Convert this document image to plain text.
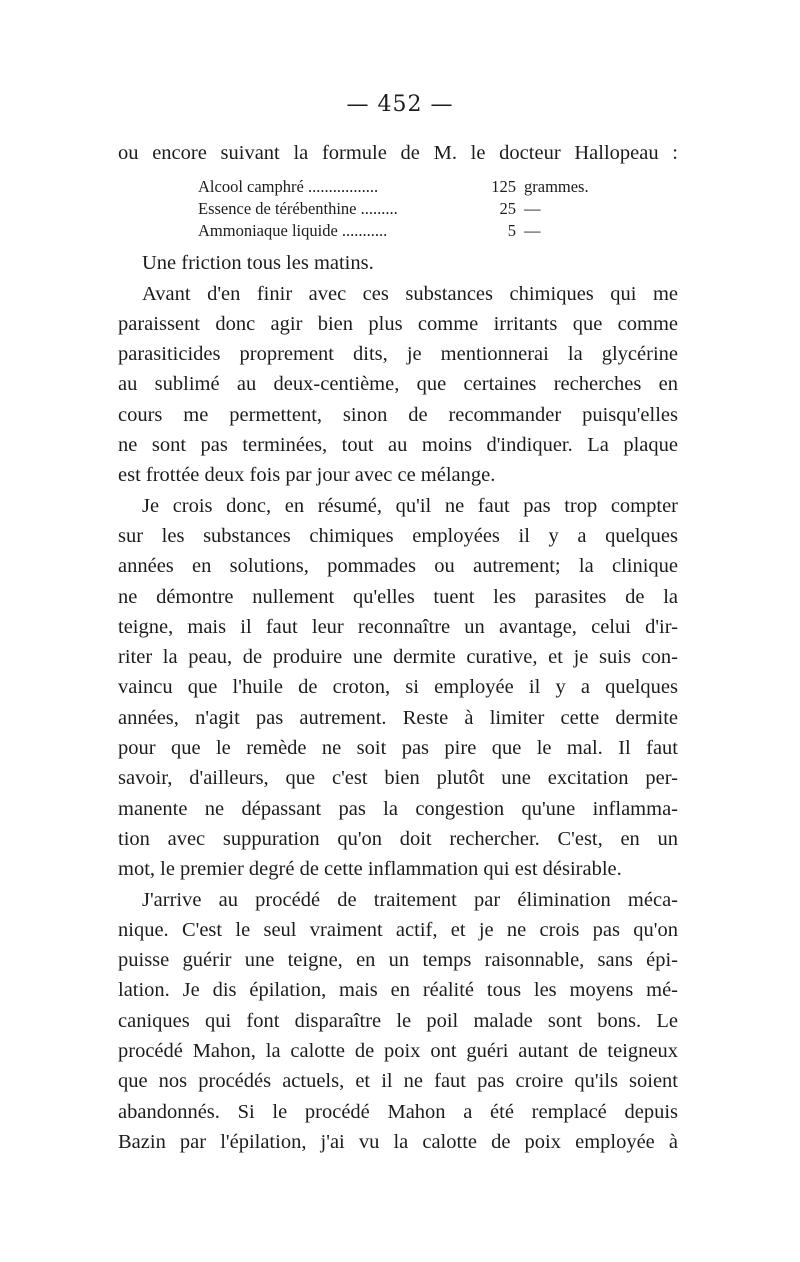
— 452 —
ou encore suivant la formule de M. le docteur Hallopeau :
Alcool camphré .................	125 grammes.
Essence de térébenthine .........	25 —
Ammoniaque liquide ...........	5 —
Une friction tous les matins.
Avant d'en finir avec ces substances chimiques qui me
paraissent donc agir bien plus comme irritants que comme
parasiticides proprement dits, je mentionnerai la glycérine
au sublimé au deux-centième, que certaines recherches en
cours me permettent, sinon de recommander puisqu'elles
ne sont pas terminées, tout au moins d'indiquer. La plaque
est frottée deux fois par jour avec ce mélange.
Je crois donc, en résumé, qu'il ne faut pas trop compter
sur les substances chimiques employées il y a quelques
années en solutions, pommades ou autrement; la clinique
ne démontre nullement qu'elles tuent les parasites de la
teigne, mais il faut leur reconnaître un avantage, celui d'ir-
riter la peau, de produire une dermite curative, et je suis con-
vaincu que l'huile de croton, si employée il y a quelques
années, n'agit pas autrement. Reste à limiter cette dermite
pour que le remède ne soit pas pire que le mal. Il faut
savoir, d'ailleurs, que c'est bien plutôt une excitation per-
manente ne dépassant pas la congestion qu'une inflamma-
tion avec suppuration qu'on doit rechercher. C'est, en un
mot, le premier degré de cette inflammation qui est désirable.
J'arrive au procédé de traitement par élimination méca-
nique. C'est le seul vraiment actif, et je ne crois pas qu'on
puisse guérir une teigne, en un temps raisonnable, sans épi-
lation. Je dis épilation, mais en réalité tous les moyens mé-
caniques qui font disparaître le poil malade sont bons. Le
procédé Mahon, la calotte de poix ont guéri autant de teigneux
que nos procédés actuels, et il ne faut pas croire qu'ils soient
abandonnés. Si le procédé Mahon a été remplacé depuis
Bazin par l'épilation, j'ai vu la calotte de poix employée à
